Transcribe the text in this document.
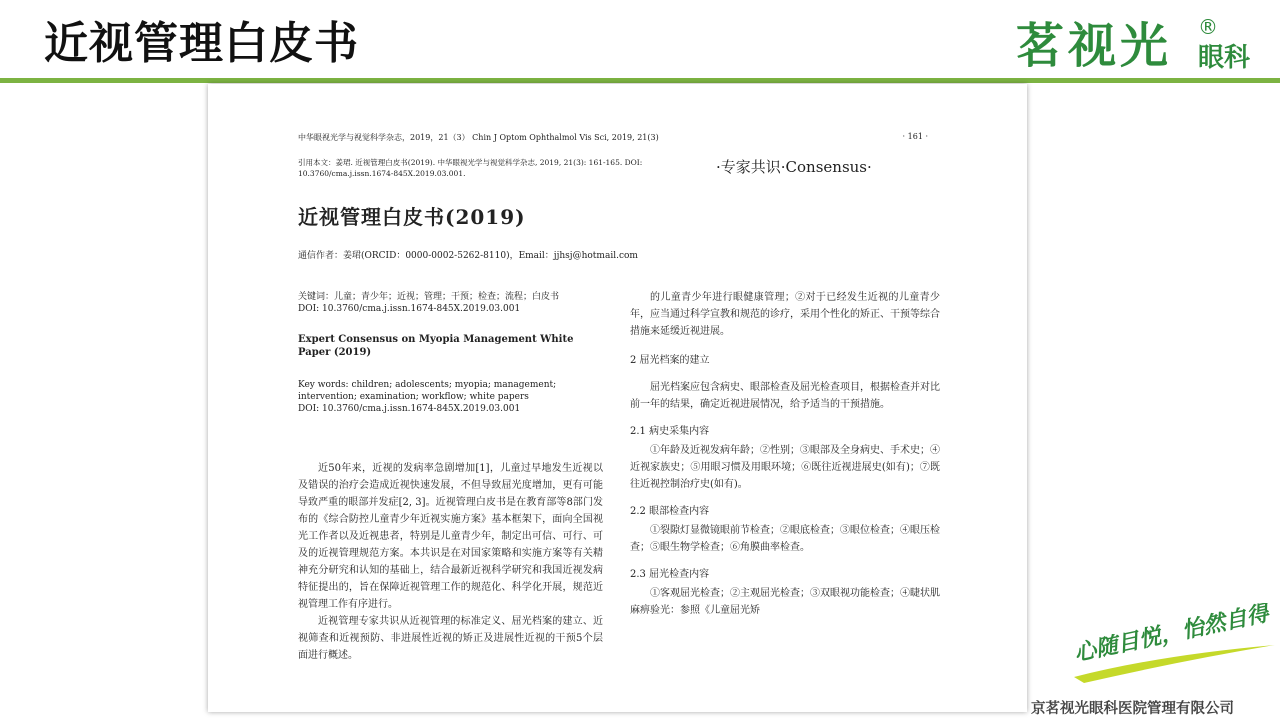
近视管理白皮书	茗视光 ®
眼科
中华眼视光学与视觉科学杂志，2019，21（3） Chin J Optom Ophthalmol Vis Sci, 2019, 21(3)	· 161 ·
引用本文：姜珺. 近视管理白皮书(2019). 中华眼视光学与视觉科学杂志, 2019, 21(3): 161-165. DOI: 10.3760/cma.j.issn.1674-845X.2019.03.001.	·专家共识·Consensus·
近视管理白皮书(2019)
通信作者：姜珺(ORCID：0000-0002-5262-8110)，Email：jjhsj@hotmail.com

关键词：儿童；青少年；近视；管理；干预；检查；流程；白皮书

DOI: 10.3760/cma.j.issn.1674-845X.2019.03.001

Expert Consensus on Myopia Management White Paper (2019)

Key words: children; adolescents; myopia; management; intervention; examination; workflow; white papers

DOI: 10.3760/cma.j.issn.1674-845X.2019.03.001

近50年来，近视的发病率急剧增加[1]，儿童过早地发生近视以及错误的治疗会造成近视快速发展，不但导致屈光度增加，更有可能导致严重的眼部并发症[2, 3]。近视管理白皮书是在教育部等8部门发布的《综合防控儿童青少年近视实施方案》基本框架下，面向全国视光工作者以及近视患者，特别是儿童青少年，制定出可信、可行、可及的近视管理规范方案。本共识是在对国家策略和实施方案等有关精神充分研究和认知的基础上，结合最新近视科学研究和我国近视发病特征提出的，旨在保障近视管理工作的规范化、科学化开展，规范近视管理工作有序进行。

近视管理专家共识从近视管理的标准定义、屈光档案的建立、近视筛查和近视预防、非进展性近视的矫正及进展性近视的干预5个层面进行概述。

的儿童青少年进行眼健康管理；②对于已经发生近视的儿童青少年，应当通过科学宣教和规范的诊疗，采用个性化的矫正、干预等综合措施来延缓近视进展。

2 屈光档案的建立

屈光档案应包含病史、眼部检查及屈光检查项目，根据检查并对比前一年的结果，确定近视进展情况，给予适当的干预措施。

2.1 病史采集内容

①年龄及近视发病年龄；②性别；③眼部及全身病史、手术史；④近视家族史；⑤用眼习惯及用眼环境；⑥既往近视进展史(如有)；⑦既往近视控制治疗史(如有)。

2.2 眼部检查内容

①裂隙灯显微镜眼前节检查；②眼底检查；③眼位检查；④眼压检查；⑤眼生物学检查；⑥角膜曲率检查。

2.3 屈光检查内容

①客观屈光检查；②主观屈光检查；③双眼视功能检查；④睫状肌麻痹验光：参照《儿童屈光矫	心随目悦，怡然自得
京茗视光眼科医院管理有限公司
